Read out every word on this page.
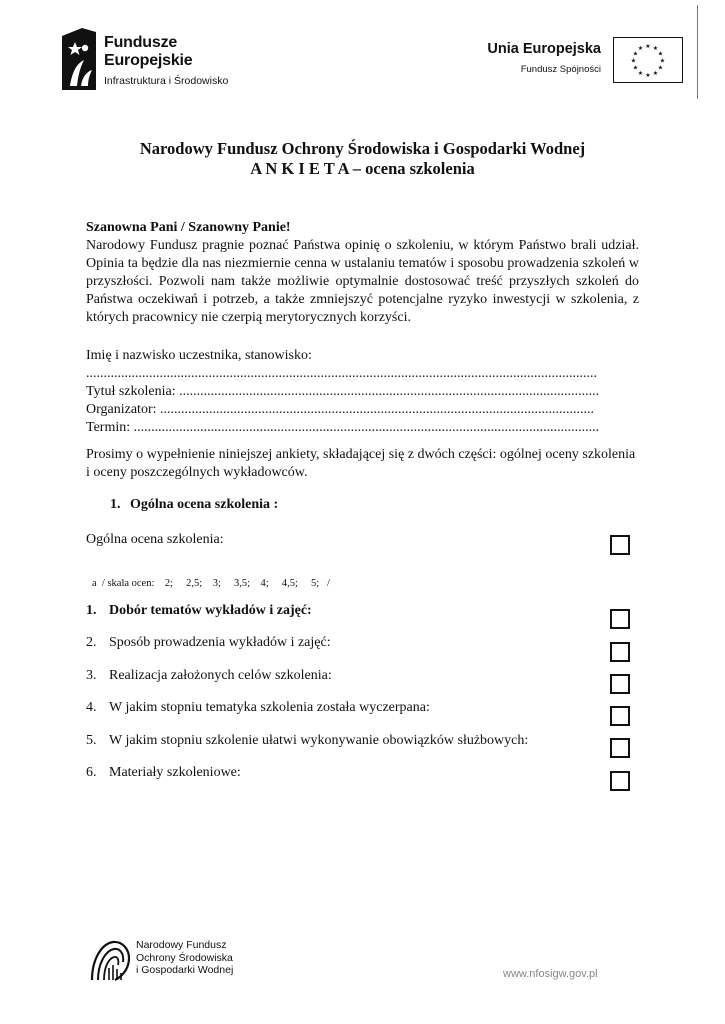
Fundusze
Europejskie
Infrastruktura i Środowisko
Unia Europejska
Fundusz Spójności
★ ★
★
★
★
★
★
★
★
★
★
★
Narodowy Fundusz Ochrony Środowiska i Gospodarki Wodnej
A N K I E T A – ocena szkolenia
Szanowna Pani / Szanowny Panie!
Narodowy Fundusz pragnie poznać Państwa opinię o szkoleniu, w którym Państwo brali udział. Opinia ta będzie dla nas niezmiernie cenna w ustalaniu tematów i sposobu prowadzenia szkoleń w przyszłości. Pozwoli nam także możliwie optymalnie dostosować treść przyszłych szkoleń do Państwa oczekiwań i potrzeb, a także zmniejszyć potencjalne ryzyko inwestycji w szkolenia, z których pracownicy nie czerpią merytorycznych korzyści.
Imię i nazwisko uczestnika, stanowisko:
..................................................................................................................................................
Tytuł szkolenia: ........................................................................................................................
Organizator: ............................................................................................................................
Termin: .....................................................................................................................................
Prosimy o wypełnienie niniejszej ankiety, składającej się z dwóch części: ogólnej oceny szkolenia
i oceny poszczególnych wykładowców.
1. Ogólna ocena szkolenia :
Ogólna ocena szkolenia:
a  / skala ocen:    2;     2,5;    3;     3,5;    4;     4,5;     5;   /
1. Dobór tematów wykładów i zajęć:
2. Sposób prowadzenia wykładów i zajęć:
3. Realizacja założonych celów szkolenia:
4. W jakim stopniu tematyka szkolenia została wyczerpana:
5. W jakim stopniu szkolenie ułatwi wykonywanie obowiązków służbowych:
6. Materiały szkoleniowe:
Narodowy Fundusz
Ochrony Środowiska
i Gospodarki Wodnej	www.nfosigw.gov.pl
